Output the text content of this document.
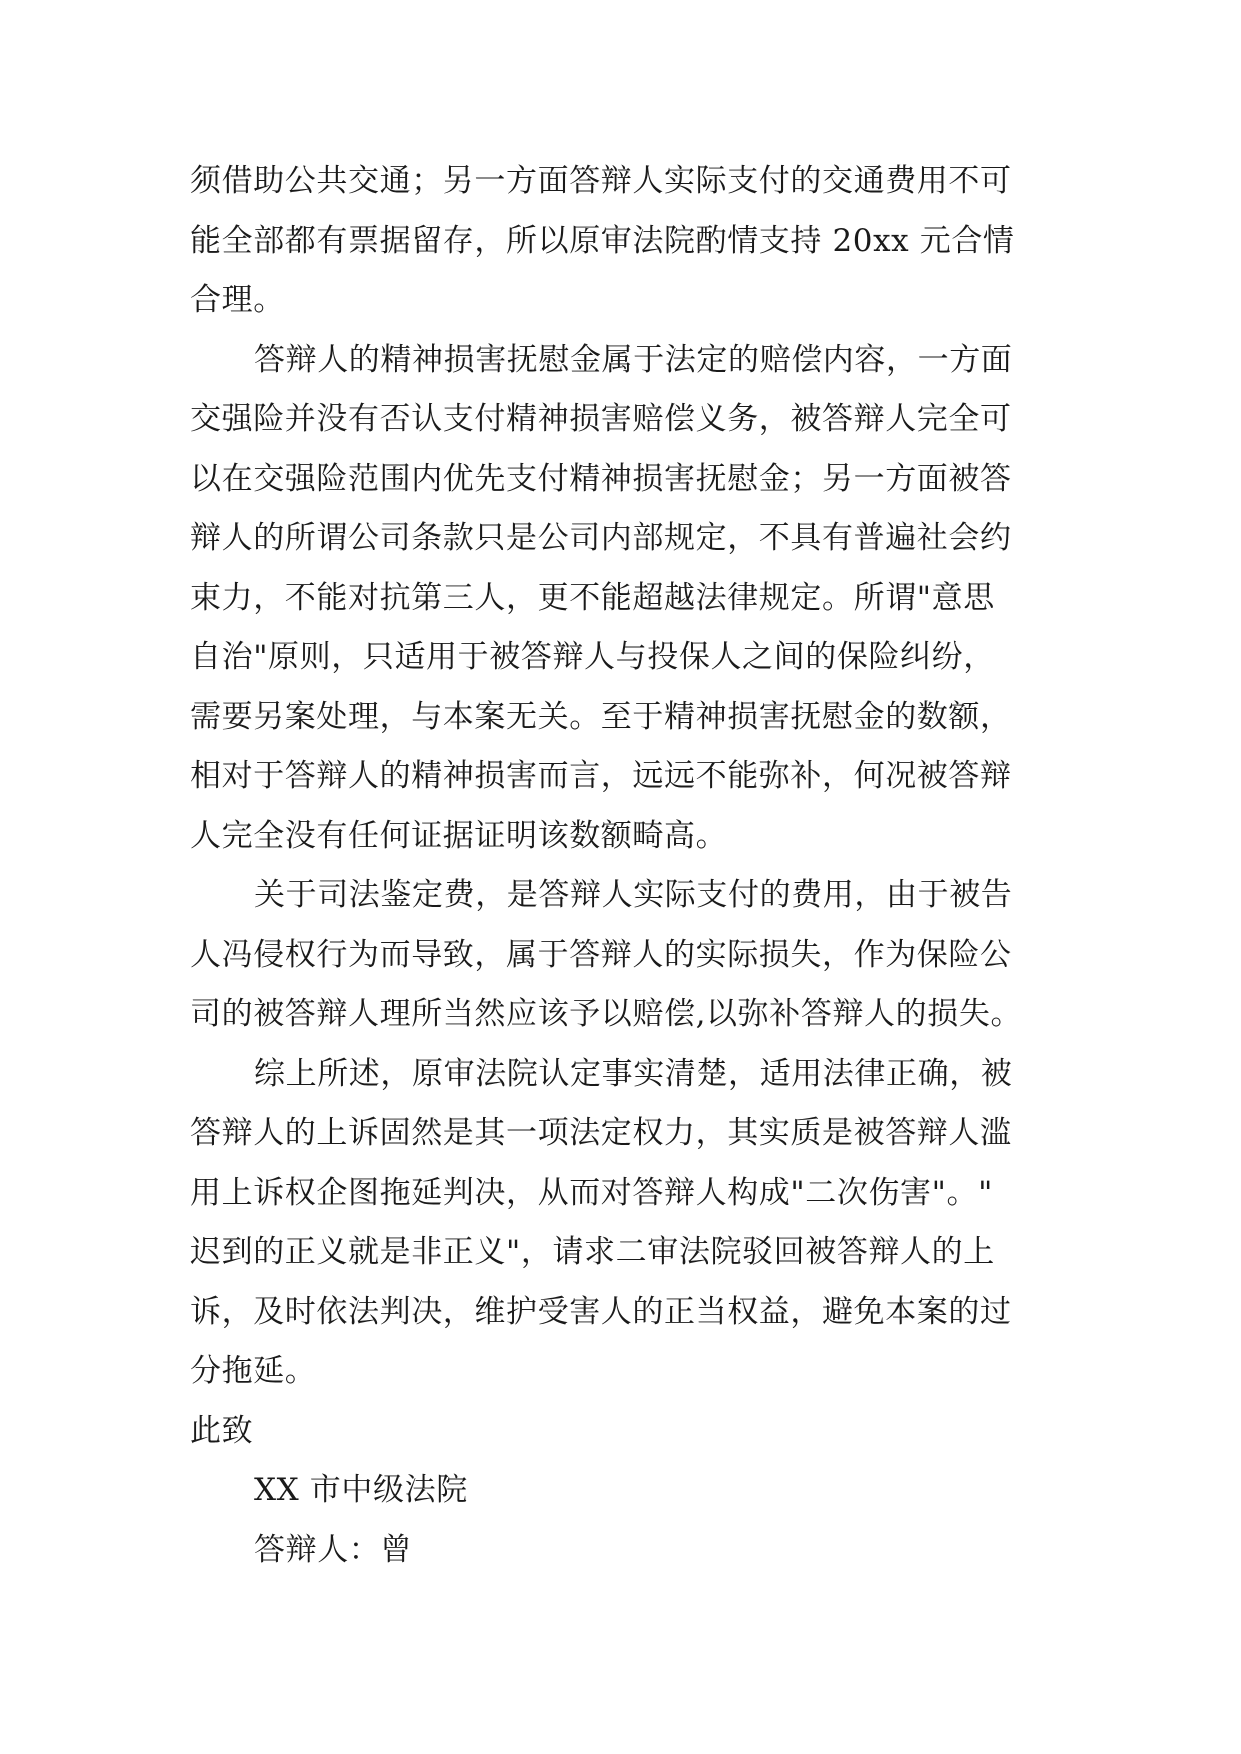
须借助公共交通；另一方面答辩人实际支付的交通费用不可
能全部都有票据留存，所以原审法院酌情支持 20xx 元合情
合理。
答辩人的精神损害抚慰金属于法定的赔偿内容，一方面
交强险并没有否认支付精神损害赔偿义务，被答辩人完全可
以在交强险范围内优先支付精神损害抚慰金；另一方面被答
辩人的所谓公司条款只是公司内部规定，不具有普遍社会约
束力，不能对抗第三人，更不能超越法律规定。所谓"意思
自治"原则，只适用于被答辩人与投保人之间的保险纠纷，
需要另案处理，与本案无关。至于精神损害抚慰金的数额，
相对于答辩人的精神损害而言，远远不能弥补，何况被答辩
人完全没有任何证据证明该数额畸高。
关于司法鉴定费，是答辩人实际支付的费用，由于被告
人冯侵权行为而导致，属于答辩人的实际损失，作为保险公
司的被答辩人理所当然应该予以赔偿,以弥补答辩人的损失。
综上所述，原审法院认定事实清楚，适用法律正确，被
答辩人的上诉固然是其一项法定权力，其实质是被答辩人滥
用上诉权企图拖延判决，从而对答辩人构成"二次伤害"。"
迟到的正义就是非正义"，请求二审法院驳回被答辩人的上
诉，及时依法判决，维护受害人的正当权益，避免本案的过
分拖延。
此致
XX 市中级法院
答辩人：曾
